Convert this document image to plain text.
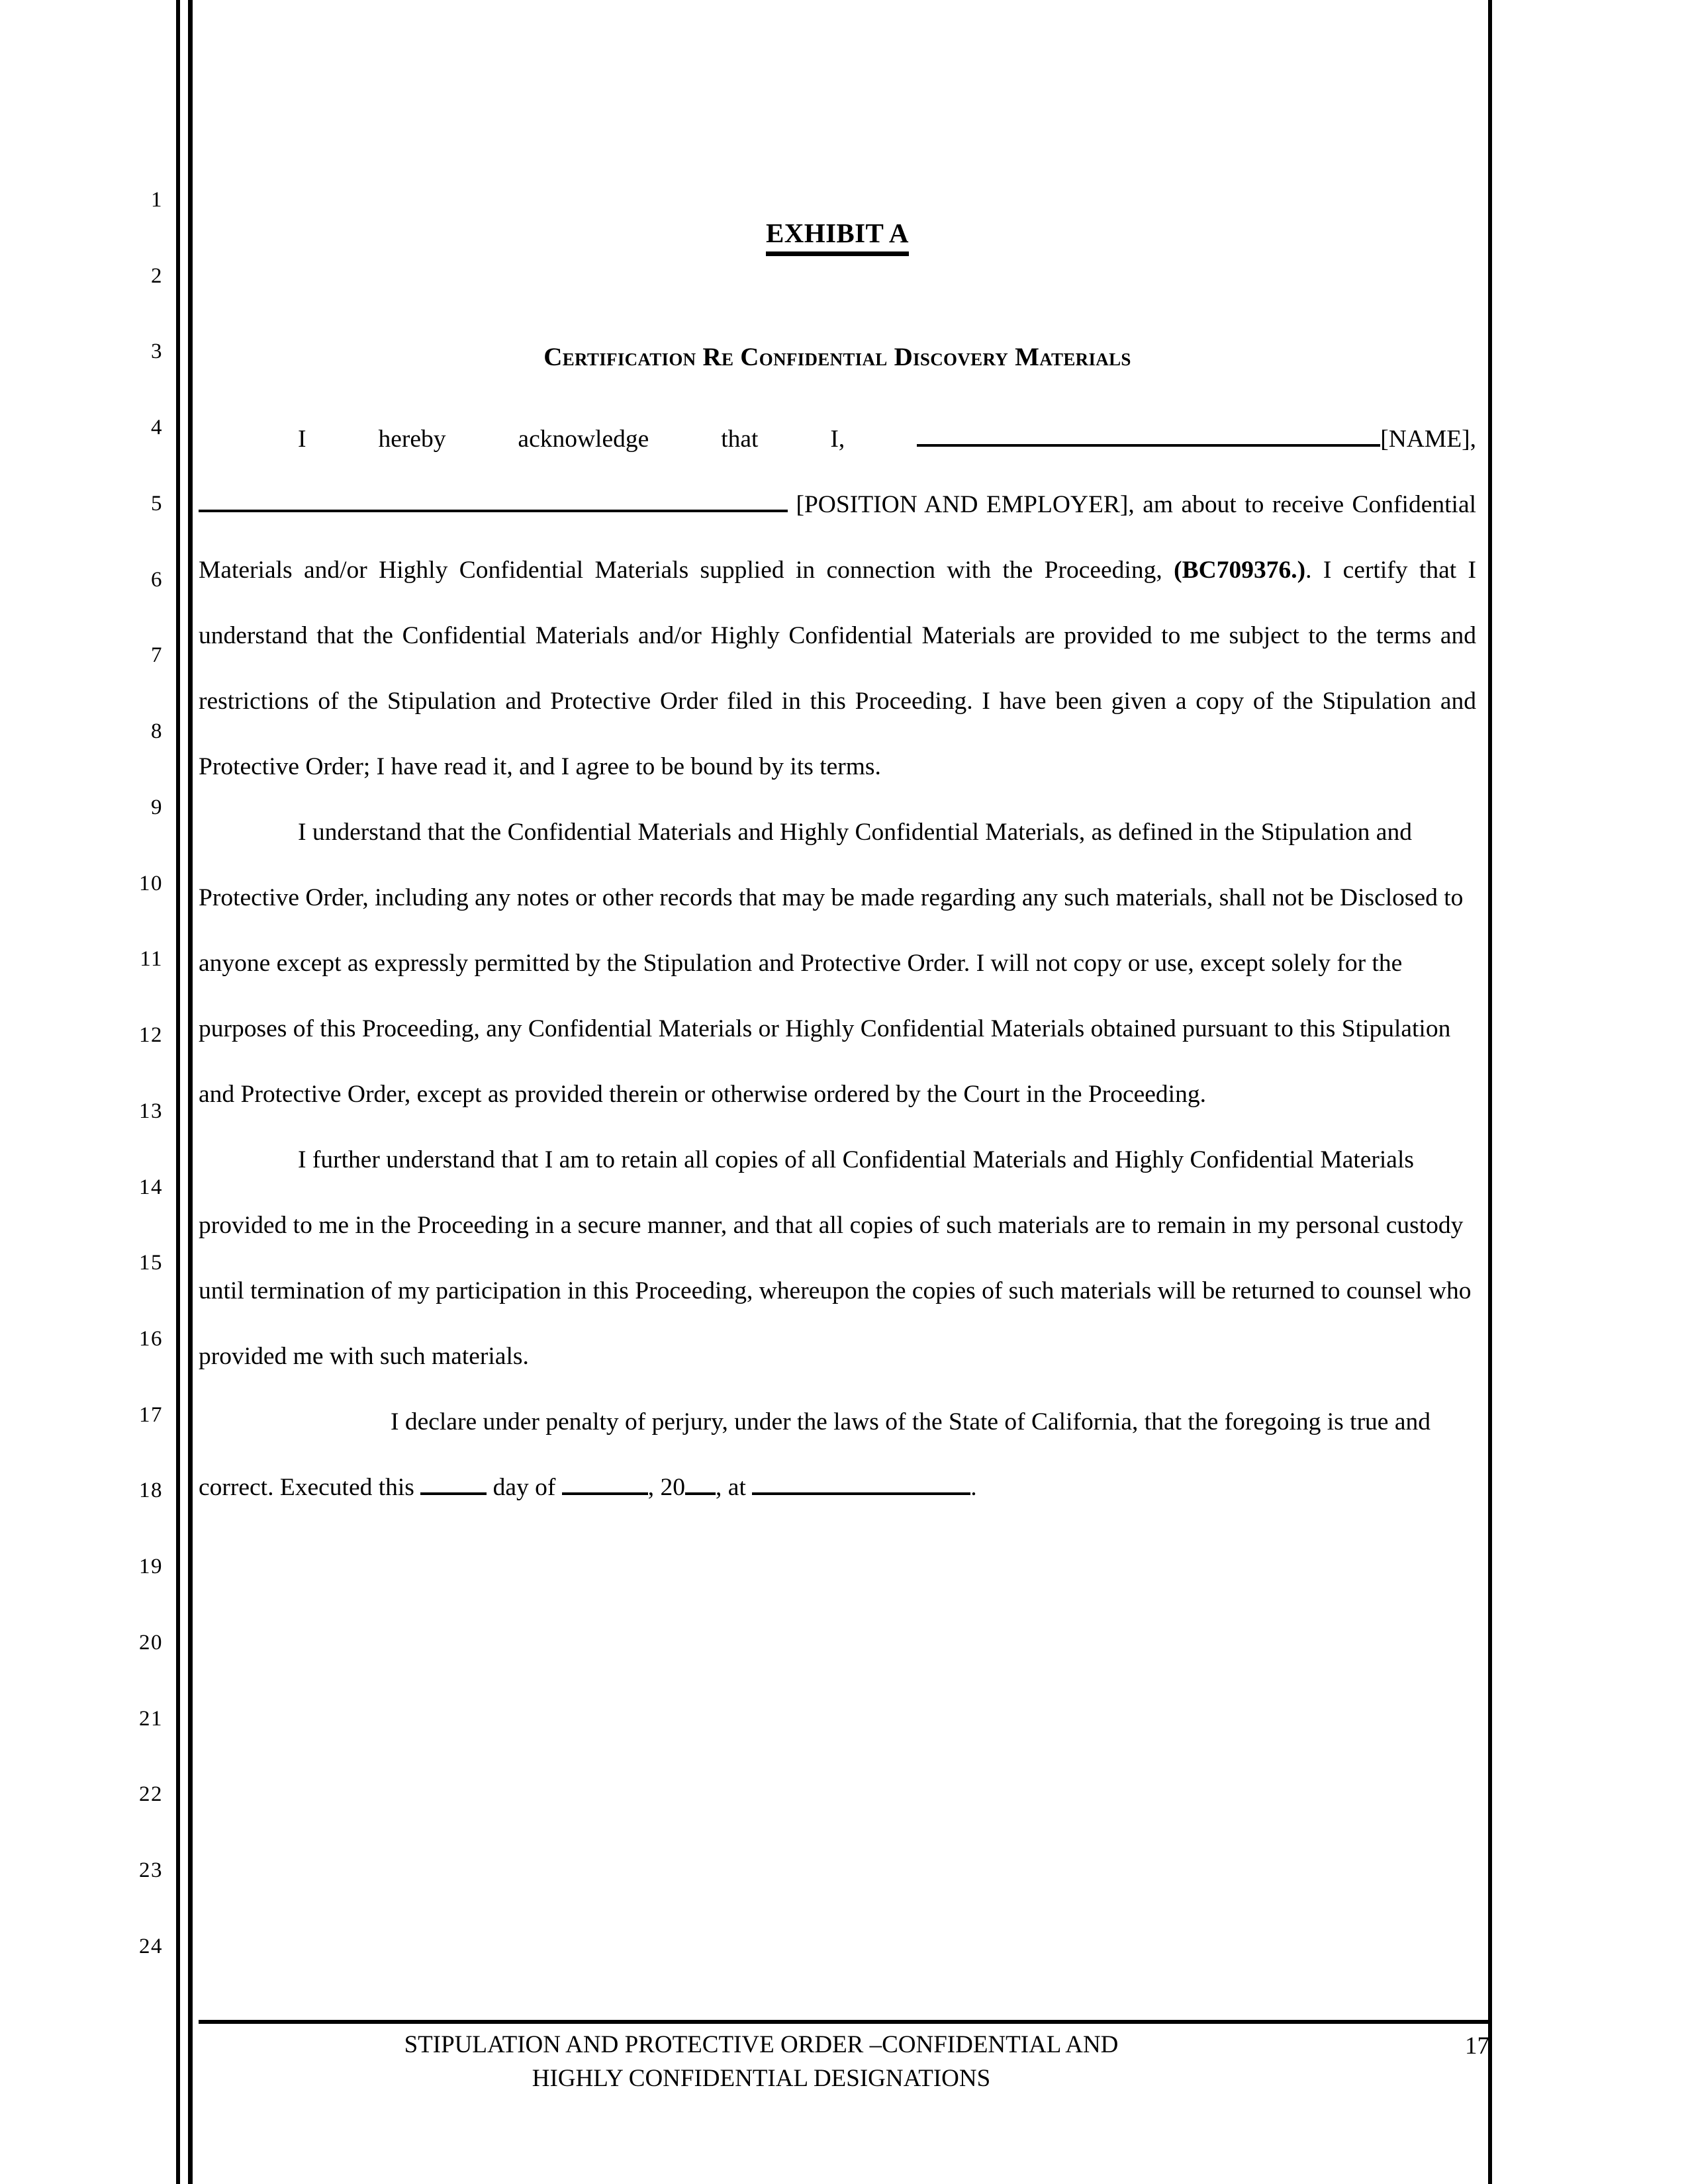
1
2
3
4
5
6
7
8
9
10
11
12
13
14
15
16
17
18
19
20
21
22
23
24
EXHIBIT A
Certification Re Confidential Discovery Materials

I hereby acknowledge that I,	[NAME],  [POSITION AND EMPLOYER], am about to receive Confidential Materials and/or Highly Confidential Materials supplied in connection with the Proceeding, (BC709376.). I certify that I understand that the Confidential Materials and/or Highly Confidential Materials are provided to me subject to the terms and restrictions of the Stipulation and Protective Order filed in this Proceeding. I have been given a copy of the Stipulation and Protective Order; I have read it, and I agree to be bound by its terms.

I understand that the Confidential Materials and Highly Confidential Materials, as defined in the Stipulation and Protective Order, including any notes or other records that may be made regarding any such materials, shall not be Disclosed to anyone except as expressly permitted by the Stipulation and Protective Order. I will not copy or use, except solely for the purposes of this Proceeding, any Confidential Materials or Highly Confidential Materials obtained pursuant to this Stipulation and Protective Order, except as provided therein or otherwise ordered by the Court in the Proceeding.

I further understand that I am to retain all copies of all Confidential Materials and Highly Confidential Materials provided to me in the Proceeding in a secure manner, and that all copies of such materials are to remain in my personal custody until termination of my participation in this Proceeding, whereupon the copies of such materials will be returned to counsel who provided me with such materials.

I declare under penalty of perjury, under the laws of the State of California, that the foregoing is true and correct. Executed this	day of	, 20 , at	.

STIPULATION AND PROTECTIVE ORDER –CONFIDENTIAL AND
HIGHLY CONFIDENTIAL DESIGNATIONS
17
